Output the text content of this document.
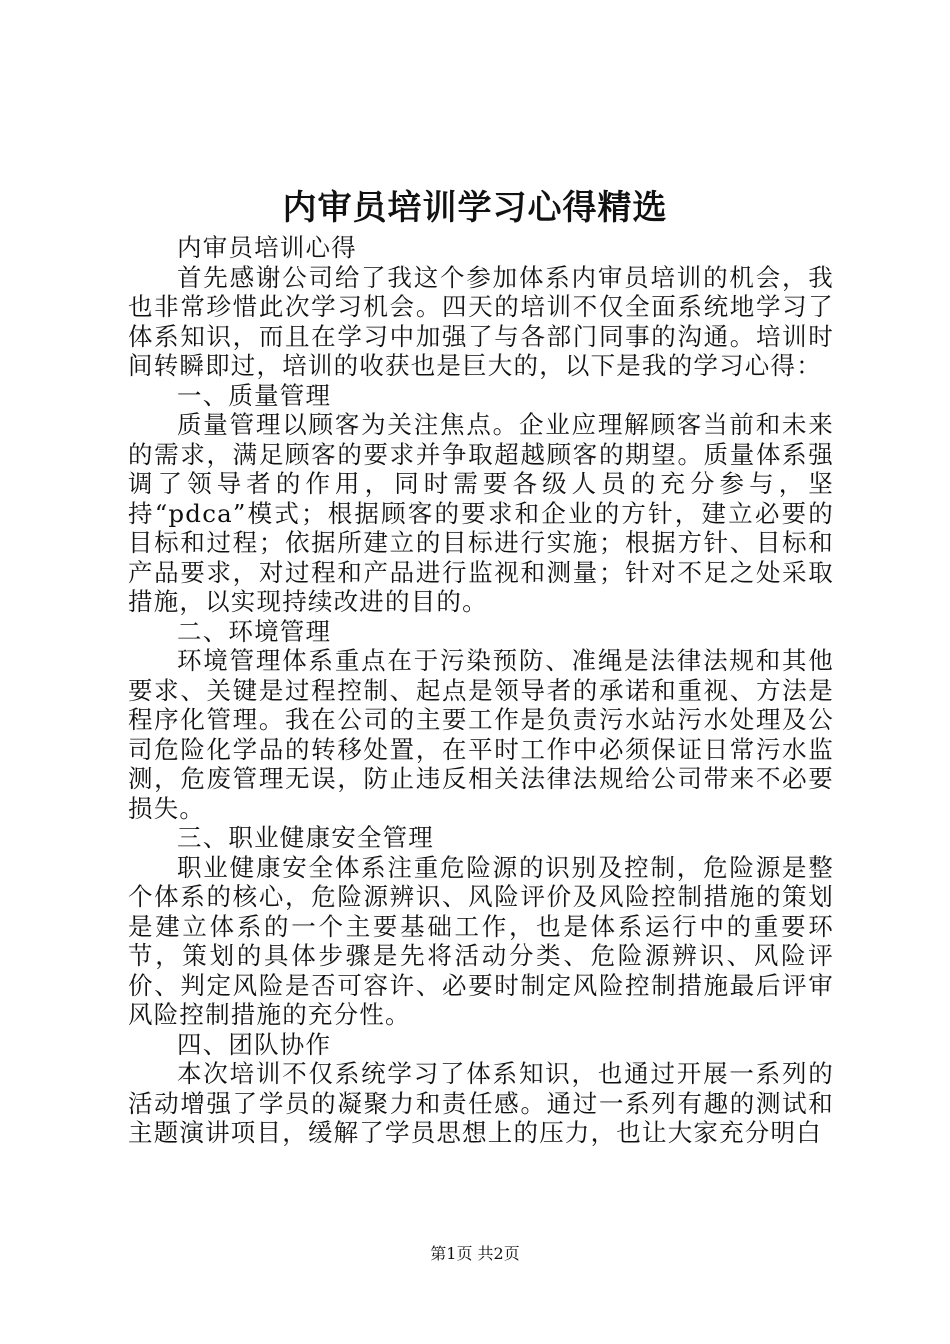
内审员培训学习心得精选

内审员培训心得

首先感谢公司给了我这个参加体系内审员培训的机会，我也非常珍惜此次学习机会。四天的培训不仅全面系统地学习了体系知识，而且在学习中加强了与各部门同事的沟通。培训时间转瞬即过，培训的收获也是巨大的，以下是我的学习心得：

一、质量管理

质量管理以顾客为关注焦点。企业应理解顾客当前和未来的需求，满足顾客的要求并争取超越顾客的期望。质量体系强调了领导者的作用，同时需要各级人员的充分参与，坚持“pdca”模式；根据顾客的要求和企业的方针，建立必要的目标和过程；依据所建立的目标进行实施；根据方针、目标和产品要求，对过程和产品进行监视和测量；针对不足之处采取措施，以实现持续改进的目的。

二、环境管理

环境管理体系重点在于污染预防、准绳是法律法规和其他要求、关键是过程控制、起点是领导者的承诺和重视、方法是程序化管理。我在公司的主要工作是负责污水站污水处理及公司危险化学品的转移处置，在平时工作中必须保证日常污水监测，危废管理无误，防止违反相关法律法规给公司带来不必要损失。

三、职业健康安全管理

职业健康安全体系注重危险源的识别及控制，危险源是整个体系的核心，危险源辨识、风险评价及风险控制措施的策划是建立体系的一个主要基础工作，也是体系运行中的重要环节，策划的具体步骤是先将活动分类、危险源辨识、风险评价、判定风险是否可容许、必要时制定风险控制措施最后评审风险控制措施的充分性。

四、团队协作

本次培训不仅系统学习了体系知识，也通过开展一系列的活动增强了学员的凝聚力和责任感。通过一系列有趣的测试和主题演讲项目，缓解了学员思想上的压力，也让大家充分明白

第1页 共2页
